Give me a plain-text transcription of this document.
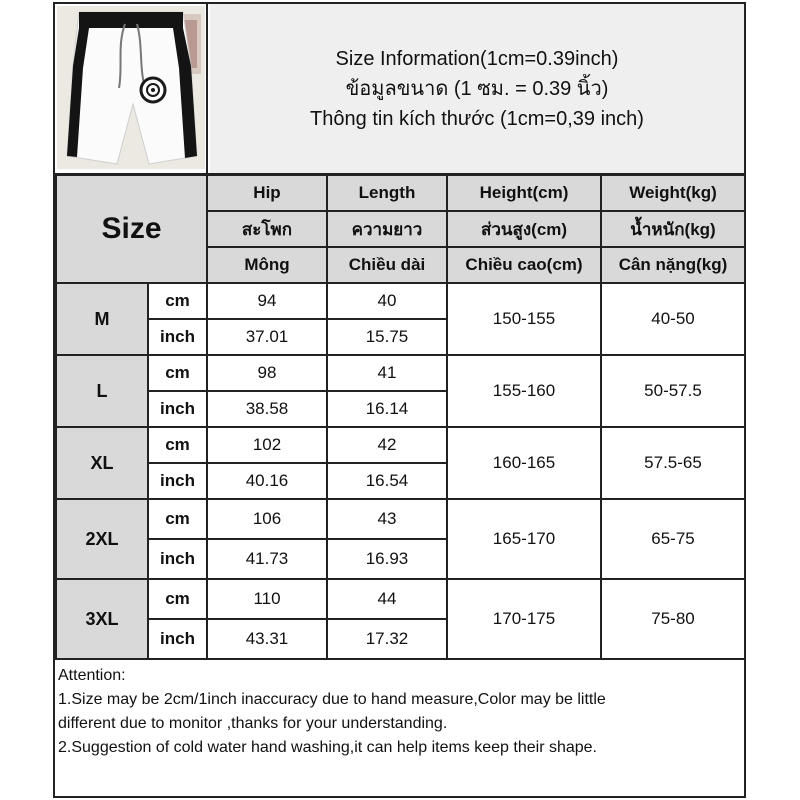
Size Information(1cm=0.39inch)
ข้อมูลขนาด (1 ซม. = 0.39 นิ้ว)
Thông tin kích thước (1cm=0,39 inch)
Size		Hip	Length	Height(cm)	Weight(kg)
		สะโพก	ความยาว	ส่วนสูง(cm)	น้ำหนัก(kg)
		Mông	Chiều dài	Chiều cao(cm)	Cân nặng(kg)
M	cm	94	40	150-155	40-50
	inch	37.01	15.75		
L	cm	98	41	155-160	50-57.5
	inch	38.58	16.14		
XL	cm	102	42	160-165	57.5-65
	inch	40.16	16.54		
2XL	cm	106	43	165-170	65-75
	inch	41.73	16.93		
3XL	cm	110	44	170-175	75-80
	inch	43.31	17.32		

Attention:

1.Size may be 2cm/1inch inaccuracy due to hand measure,Color may be little

different due to monitor ,thanks for your understanding.

2.Suggestion of cold water hand washing,it can help items keep their shape.
